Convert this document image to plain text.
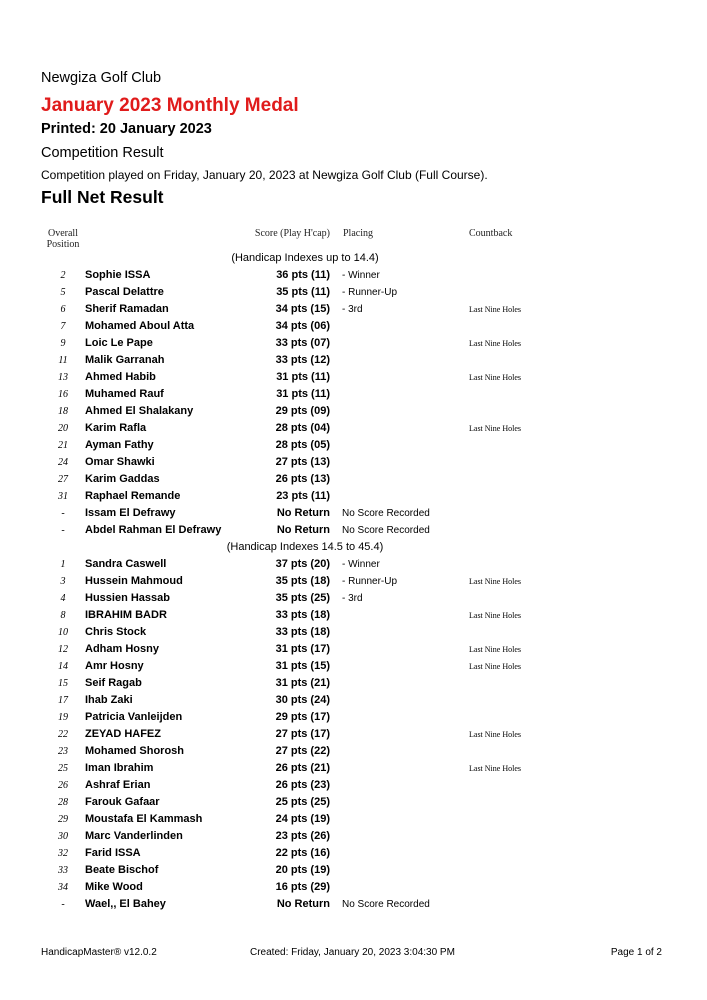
Newgiza Golf Club
January 2023 Monthly Medal
Printed: 20 January 2023
Competition Result
Competition played on Friday, January 20, 2023 at Newgiza Golf Club (Full Course).
Full Net Result
Overall Position
Score (Play H'cap) Placing	Countback
(Handicap Indexes up to 14.4)
2	Sophie ISSA	36 pts (11) - Winner
5	Pascal Delattre	35 pts (11) - Runner-Up
6	Sherif Ramadan	34 pts (15) - 3rd	Last Nine Holes
7	Mohamed Aboul Atta	34 pts (06)
9	Loic Le Pape	33 pts (07)	Last Nine Holes
11	Malik Garranah	33 pts (12)
13	Ahmed Habib	31 pts (11)	Last Nine Holes
16	Muhamed Rauf	31 pts (11)
18	Ahmed El Shalakany	29 pts (09)
20	Karim Rafla	28 pts (04)	Last Nine Holes
21	Ayman Fathy	28 pts (05)
24	Omar Shawki	27 pts (13)
27	Karim Gaddas	26 pts (13)
31	Raphael Remande	23 pts (11)
-	Issam El Defrawy	No Return No Score Recorded
-	Abdel Rahman El Defrawy	No Return No Score Recorded
(Handicap Indexes 14.5 to 45.4)
1	Sandra Caswell	37 pts (20) - Winner
3	Hussein Mahmoud	35 pts (18) - Runner-Up	Last Nine Holes
4	Hussien Hassab	35 pts (25) - 3rd
8	IBRAHIM BADR	33 pts (18)	Last Nine Holes
10	Chris Stock	33 pts (18)
12	Adham Hosny	31 pts (17)	Last Nine Holes
14	Amr Hosny	31 pts (15)	Last Nine Holes
15	Seif Ragab	31 pts (21)
17	Ihab Zaki	30 pts (24)
19	Patricia Vanleijden	29 pts (17)
22	ZEYAD HAFEZ	27 pts (17)	Last Nine Holes
23	Mohamed Shorosh	27 pts (22)
25	Iman Ibrahim	26 pts (21)	Last Nine Holes
26	Ashraf Erian	26 pts (23)
28	Farouk Gafaar	25 pts (25)
29	Moustafa El Kammash	24 pts (19)
30	Marc Vanderlinden	23 pts (26)
32	Farid ISSA	22 pts (16)
33	Beate Bischof	20 pts (19)
34	Mike Wood	16 pts (29)
-	Wael,, El Bahey	No Return No Score Recorded
HandicapMaster® v12.0.2	Created: Friday, January 20, 2023 3:04:30 PM	Page 1 of 2
